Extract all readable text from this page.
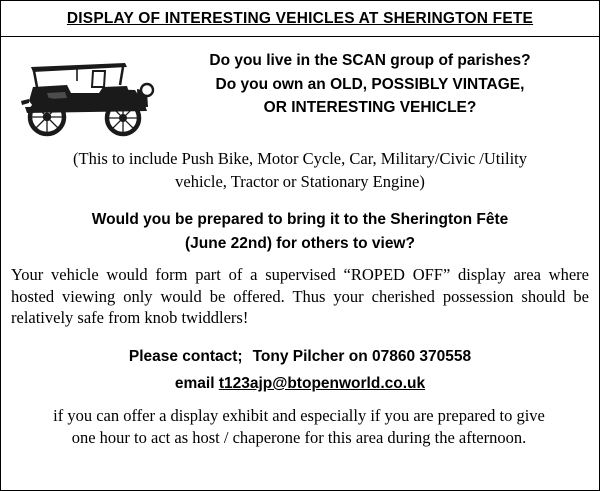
DISPLAY OF INTERESTING VEHICLES AT SHERINGTON FETE
Do you live in the SCAN group of parishes?
Do you own an OLD, POSSIBLY VINTAGE,
OR INTERESTING VEHICLE?
(This to include Push Bike, Motor Cycle, Car, Military/Civic /Utility
vehicle, Tractor or Stationary Engine)
Would you be prepared to bring it to the Sherington Fête
(June 22nd) for others to view?
Your vehicle would form part of a supervised “ROPED OFF” display area where hosted viewing only would be offered. Thus your cherished possession should be relatively safe from knob twiddlers!
Please contact; Tony Pilcher on 07860 370558
email t123ajp@btopenworld.co.uk
if you can offer a display exhibit and especially if you are prepared to give
one hour to act as host / chaperone for this area during the afternoon.
